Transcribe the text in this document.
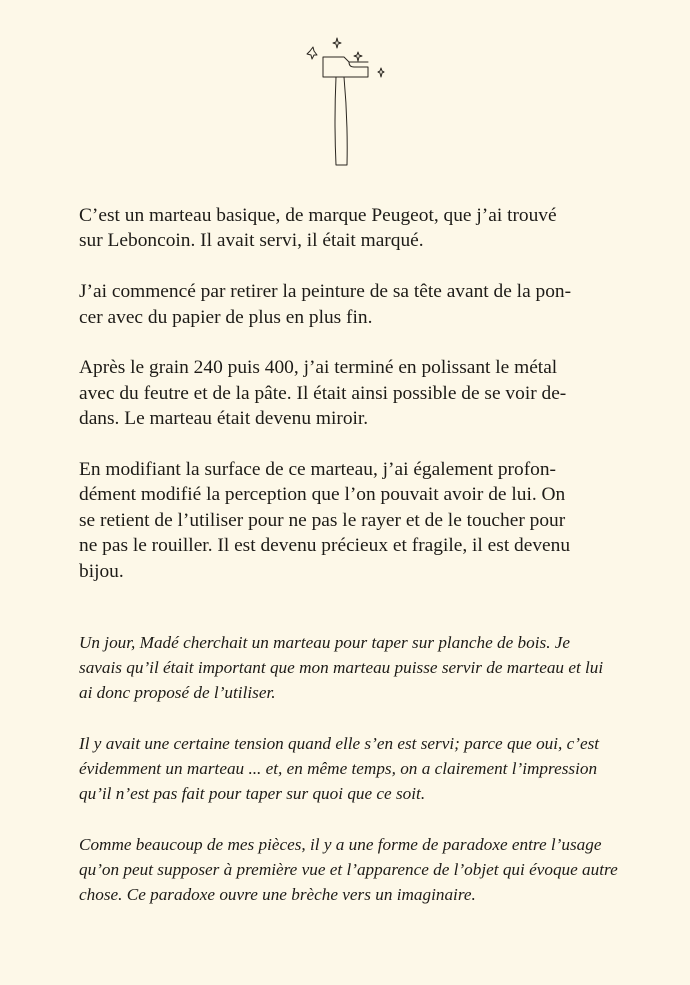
C’est un marteau basique, de marque Peugeot, que j’ai trouvé
sur Leboncoin. Il avait servi, il était marqué.

J’ai commencé par retirer la peinture de sa tête avant de la pon-
cer avec du papier de plus en plus fin.

Après le grain 240 puis 400, j’ai terminé en polissant le métal
avec du feutre et de la pâte. Il était ainsi possible de se voir de-
dans. Le marteau était devenu miroir.

En modifiant la surface de ce marteau, j’ai également profon-
dément modifié la perception que l’on pouvait avoir de lui. On
se retient de l’utiliser pour ne pas le rayer et de le toucher pour
ne pas le rouiller. Il est devenu précieux et fragile, il est devenu
bijou.

Un jour, Madé cherchait un marteau pour taper sur planche de bois. Je
savais qu’il était important que mon marteau puisse servir de marteau et lui
ai donc proposé de l’utiliser.

Il y avait une certaine tension quand elle s’en est servi; parce que oui, c’est
évidemment un marteau ... et, en même temps, on a clairement l’impression
qu’il n’est pas fait pour taper sur quoi que ce soit.

Comme beaucoup de mes pièces, il y a une forme de paradoxe entre l’usage
qu’on peut supposer à première vue et l’apparence de l’objet qui évoque autre
chose. Ce paradoxe ouvre une brèche vers un imaginaire.
